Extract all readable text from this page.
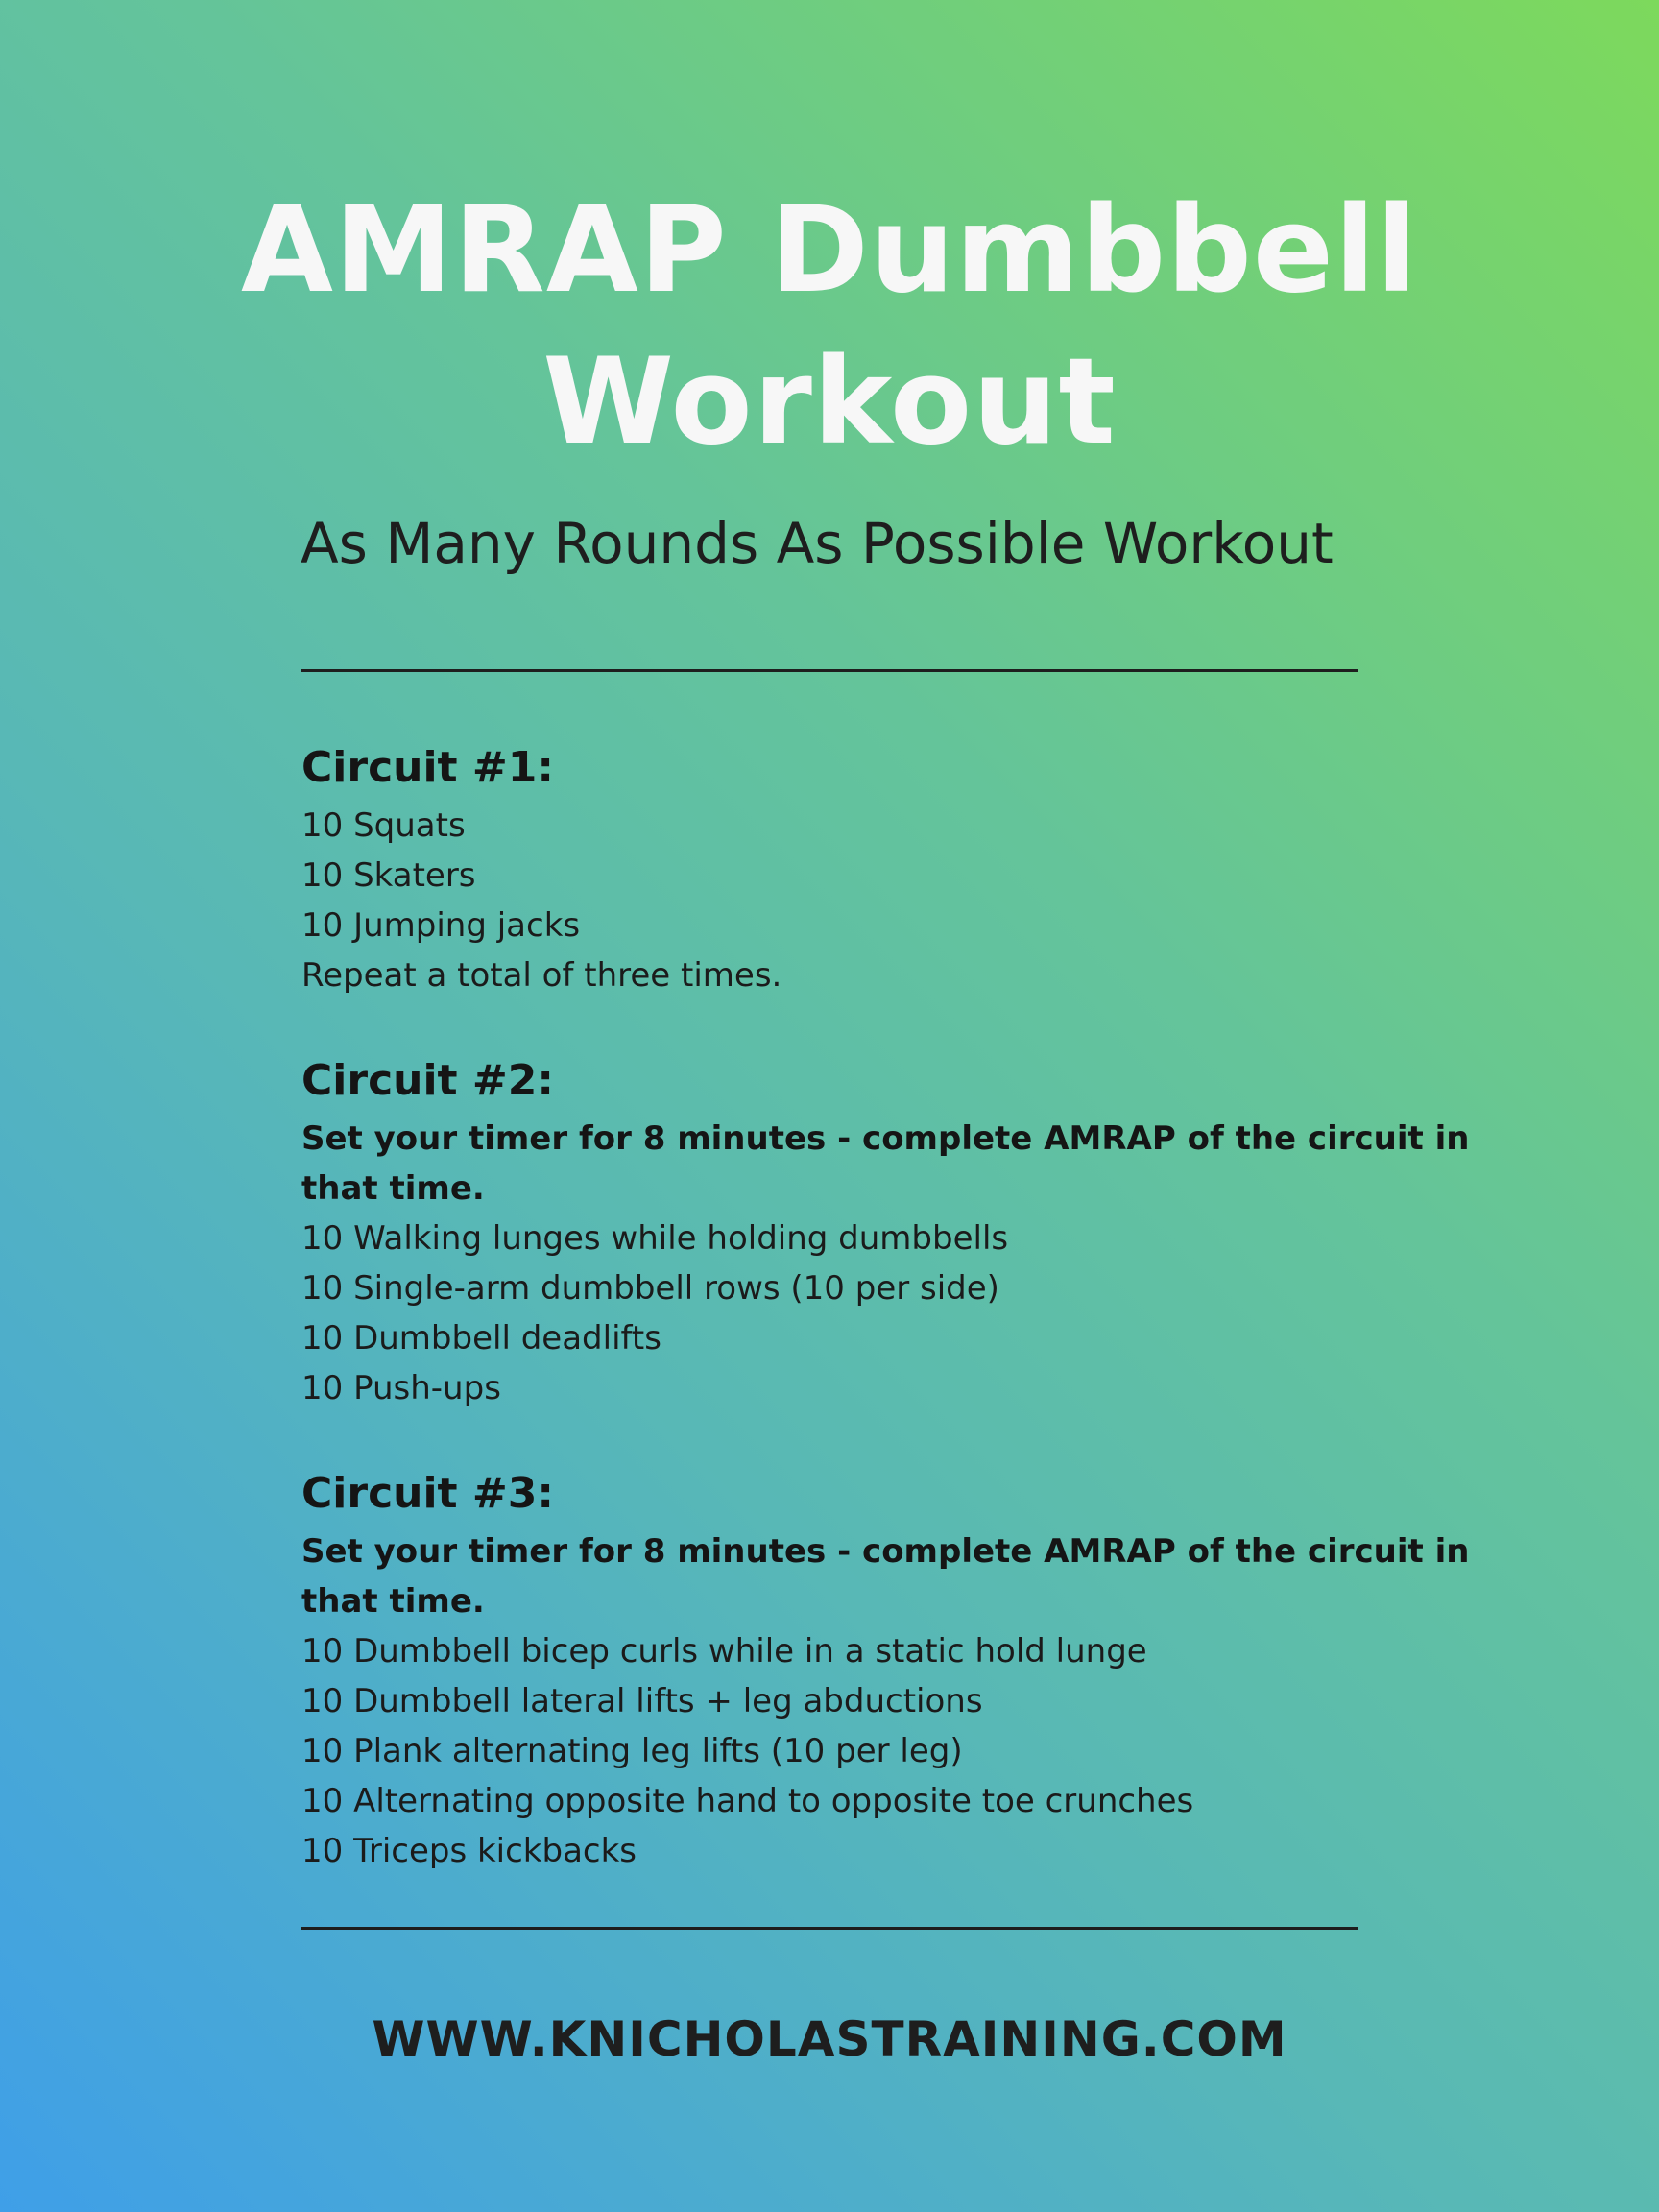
AMRAP Dumbbell
Workout

As Many Rounds As Possible Workout

Circuit #1:
10 Squats
10 Skaters
10 Jumping jacks
Repeat a total of three times.
Circuit #2:

Set your timer for 8 minutes - complete AMRAP of the circuit in that time.

10 Walking lunges while holding dumbbells
10 Single-arm dumbbell rows (10 per side)
10 Dumbbell deadlifts
10 Push-ups
Circuit #3:

Set your timer for 8 minutes - complete AMRAP of the circuit in that time.

10 Dumbbell bicep curls while in a static hold lunge
10 Dumbbell lateral lifts + leg abductions
10 Plank alternating leg lifts (10 per leg)
10 Alternating opposite hand to opposite toe crunches
10 Triceps kickbacks

WWW.KNICHOLASTRAINING.COM
